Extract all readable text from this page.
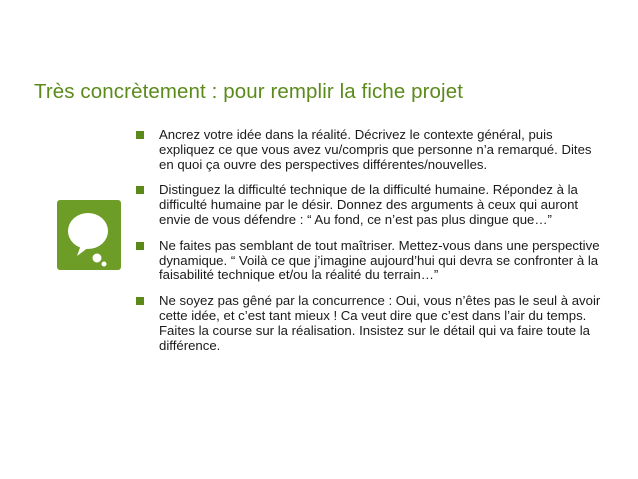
Très concrètement : pour remplir la fiche projet
Ancrez votre idée dans la réalité. Décrivez le contexte général, puis expliquez ce que vous avez vu/compris que personne n’a remarqué. Dites en quoi ça ouvre des perspectives différentes/nouvelles.
Distinguez la difficulté technique de la difficulté humaine. Répondez à la difficulté humaine par le désir. Donnez des arguments à ceux qui auront envie de vous défendre : “ Au fond, ce n’est pas plus dingue que…”
Ne faites pas semblant de tout maîtriser. Mettez-vous dans une perspective dynamique. “ Voilà ce que j’imagine aujourd’hui qui devra se confronter à la faisabilité technique et/ou la réalité du terrain…”
Ne soyez pas gêné par la concurrence : Oui, vous n’êtes pas le seul à avoir cette idée, et c’est tant mieux ! Ca veut dire que c’est dans l’air du temps. Faites la course sur la réalisation. Insistez sur le détail qui va faire toute la différence.
